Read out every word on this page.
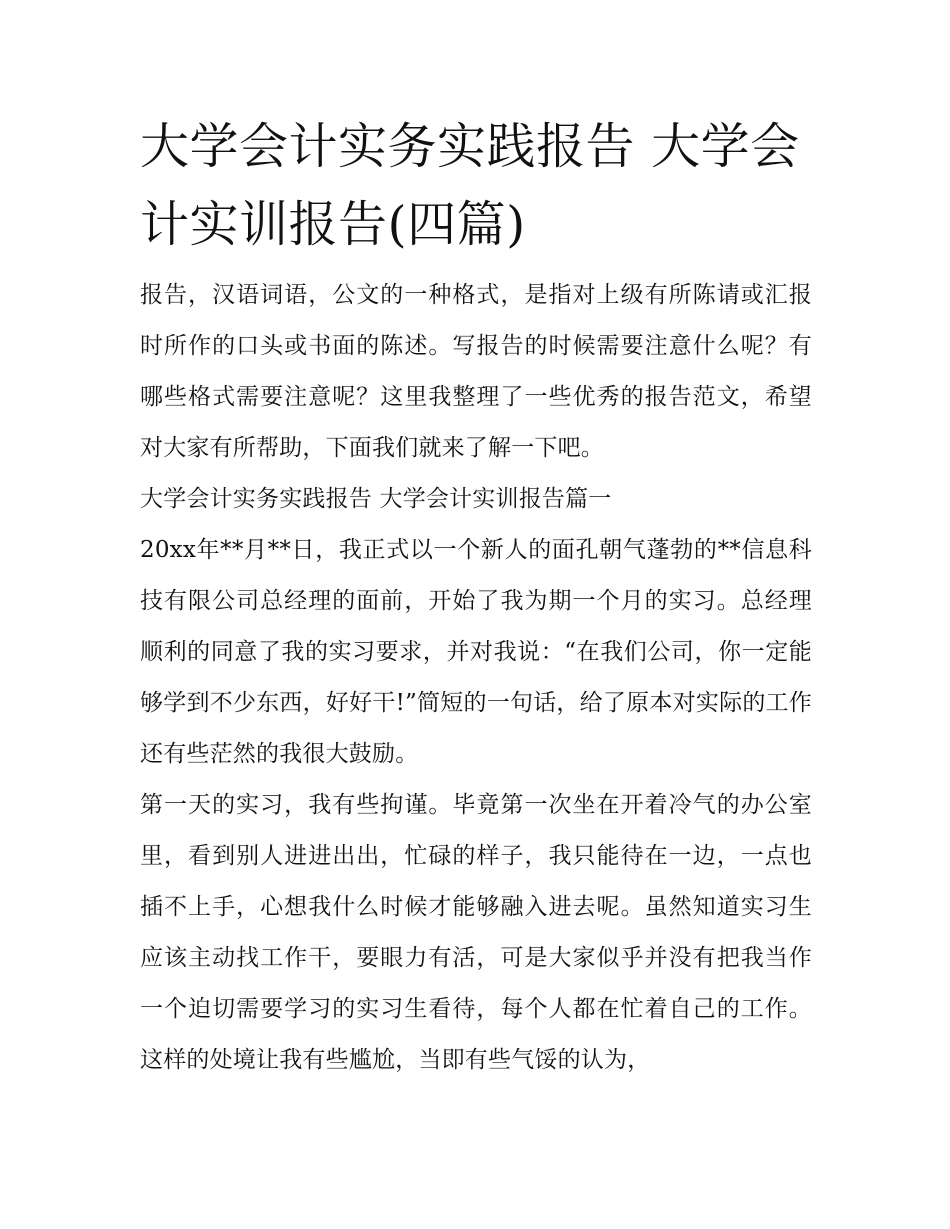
大学会计实务实践报告 大学会计实训报告(四篇)

报告，汉语词语，公文的一种格式，是指对上级有所陈请或汇报时所作的口头或书面的陈述。写报告的时候需要注意什么呢？有哪些格式需要注意呢？这里我整理了一些优秀的报告范文，希望对大家有所帮助，下面我们就来了解一下吧。

大学会计实务实践报告 大学会计实训报告篇一

20xx年**月**日，我正式以一个新人的面孔朝气蓬勃的**信息科技有限公司总经理的面前，开始了我为期一个月的实习。总经理顺利的同意了我的实习要求，并对我说：“在我们公司，你一定能够学到不少东西，好好干!”简短的一句话，给了原本对实际的工作还有些茫然的我很大鼓励。

第一天的实习，我有些拘谨。毕竟第一次坐在开着冷气的办公室里，看到别人进进出出，忙碌的样子，我只能待在一边，一点也插不上手，心想我什么时候才能够融入进去呢。虽然知道实习生应该主动找工作干，要眼力有活，可是大家似乎并没有把我当作一个迫切需要学习的实习生看待，每个人都在忙着自己的工作。这样的处境让我有些尴尬，当即有些气馁的认为，
